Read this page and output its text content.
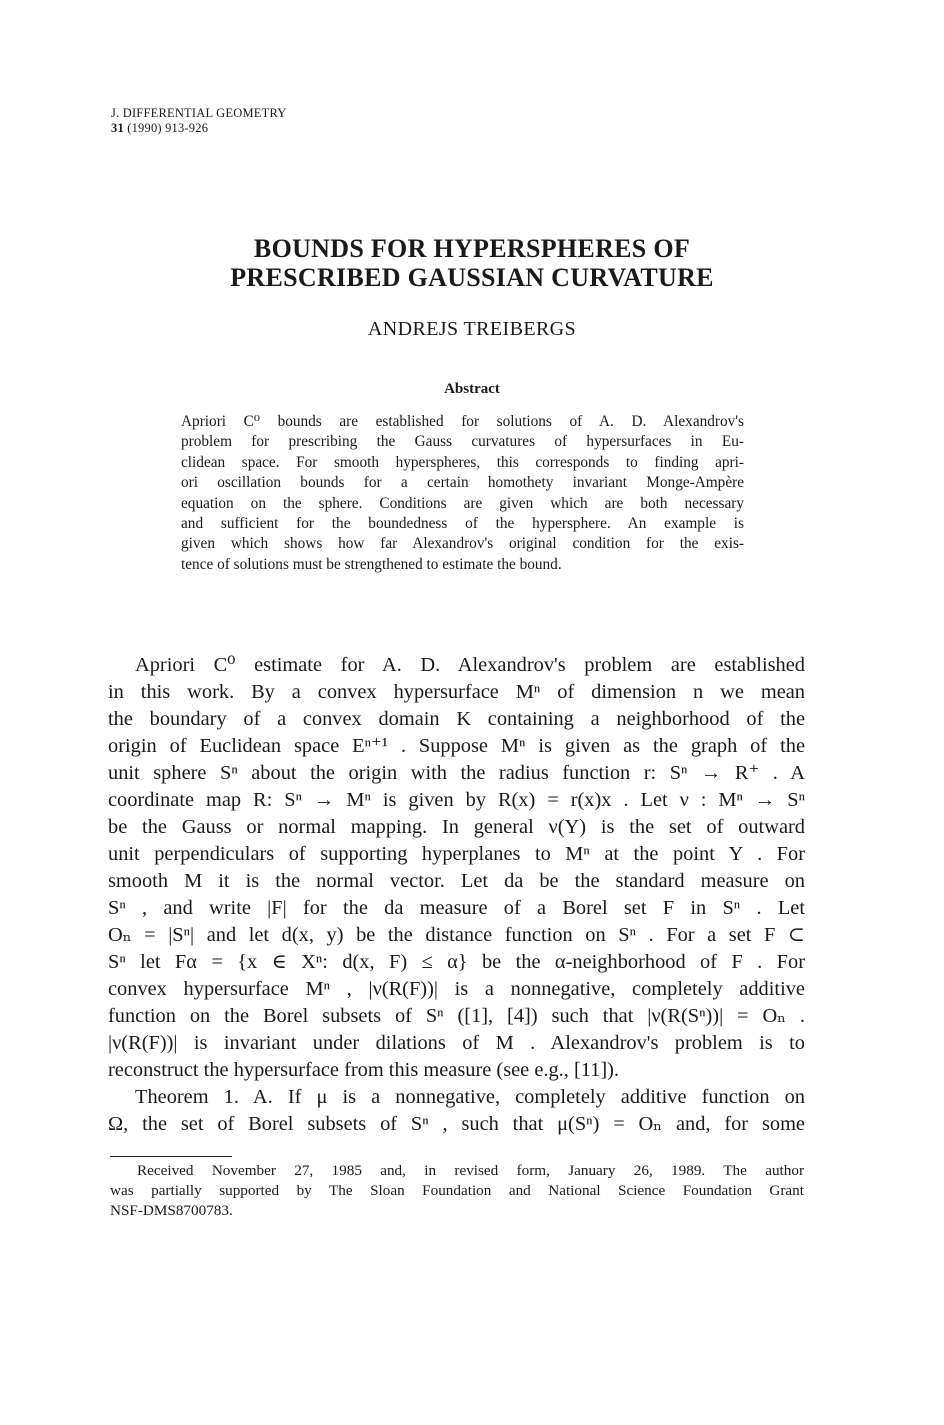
J. DIFFERENTIAL GEOMETRY
31 (1990) 913-926
BOUNDS FOR HYPERSPHERES OF
PRESCRIBED GAUSSIAN CURVATURE
ANDREJS TREIBERGS
Abstract
Apriori C⁰ bounds are established for solutions of A. D. Alexandrov's
problem for prescribing the Gauss curvatures of hypersurfaces in Eu-
clidean space. For smooth hyperspheres, this corresponds to finding apri-
ori oscillation bounds for a certain homothety invariant Monge-Ampère
equation on the sphere. Conditions are given which are both necessary
and sufficient for the boundedness of the hypersphere. An example is
given which shows how far Alexandrov's original condition for the exis-
tence of solutions must be strengthened to estimate the bound.
Apriori C⁰ estimate for A. D. Alexandrov's problem are established
in this work. By a convex hypersurface Mⁿ of dimension n we mean
the boundary of a convex domain K containing a neighborhood of the
origin of Euclidean space Eⁿ⁺¹ . Suppose Mⁿ is given as the graph of the
unit sphere Sⁿ about the origin with the radius function r: Sⁿ → R⁺ . A
coordinate map R: Sⁿ → Mⁿ is given by R(x) = r(x)x . Let ν : Mⁿ → Sⁿ
be the Gauss or normal mapping. In general ν(Y) is the set of outward
unit perpendiculars of supporting hyperplanes to Mⁿ at the point Y . For
smooth M it is the normal vector. Let da be the standard measure on
Sⁿ , and write |F| for the da measure of a Borel set F in Sⁿ . Let
Oₙ = |Sⁿ| and let d(x, y) be the distance function on Sⁿ . For a set F ⊂
Sⁿ let Fα = {x ∈ Xⁿ: d(x, F) ≤ α} be the α-neighborhood of F . For
convex hypersurface Mⁿ , |ν(R(F))| is a nonnegative, completely additive
function on the Borel subsets of Sⁿ ([1], [4]) such that |ν(R(Sⁿ))| = Oₙ .
|ν(R(F))| is invariant under dilations of M . Alexandrov's problem is to
reconstruct the hypersurface from this measure (see e.g., [11]).
Theorem 1. A. If μ is a nonnegative, completely additive function on
Ω, the set of Borel subsets of Sⁿ , such that μ(Sⁿ) = Oₙ and, for some
Received November 27, 1985 and, in revised form, January 26, 1989. The author
was partially supported by The Sloan Foundation and National Science Foundation Grant
NSF-DMS8700783.
